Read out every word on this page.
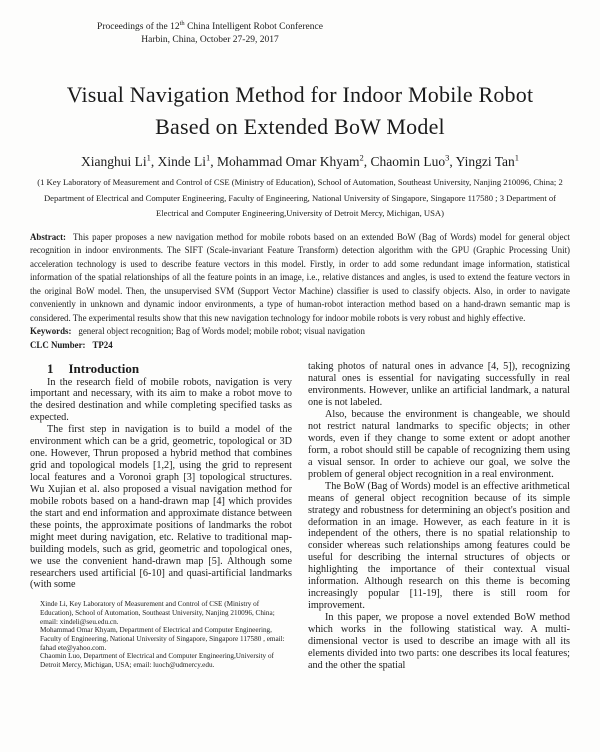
Proceedings of the 12th China Intelligent Robot Conference
Harbin, China, October 27-29, 2017
Visual Navigation Method for Indoor Mobile Robot
Based on Extended BoW Model
Xianghui Li$^1$, Xinde Li$^1$, Mohammad Omar Khyam$^2$, Chaomin Luo$^3$, Yingzi Tan$^1$
(1 Key Laboratory of Measurement and Control of CSE (Ministry of Education), School of Automation, Southeast University, Nanjing 210096, China; 2 Department of Electrical and Computer Engineering, Faculty of Engineering, National University of Singapore, Singapore 117580 ; 3 Department of Electrical and Computer Engineering,University of Detroit Mercy, Michigan, USA)

Abstract: This paper proposes a new navigation method for mobile robots based on an extended BoW (Bag of Words) model for general object recognition in indoor environments. The SIFT (Scale-invariant Feature Transform) detection algorithm with the GPU (Graphic Processing Unit) acceleration technology is used to describe feature vectors in this model. Firstly, in order to add some redundant image information, statistical information of the spatial relationships of all the feature points in an image, i.e., relative distances and angles, is used to extend the feature vectors in the original BoW model. Then, the unsupervised SVM (Support Vector Machine) classifier is used to classify objects. Also, in order to navigate conveniently in unknown and dynamic indoor environments, a type of human-robot interaction method based on a hand-drawn semantic map is considered. The experimental results show that this new navigation technology for indoor mobile robots is very robust and highly effective.

Keywords: general object recognition; Bag of Words model; mobile robot; visual navigation

CLC Number: TP24

1 Introduction

In the research field of mobile robots, navigation is very important and necessary, with its aim to make a robot move to the desired destination and while completing specified tasks as expected.

The first step in navigation is to build a model of the environment which can be a grid, geometric, topological or 3D one. However, Thrun proposed a hybrid method that combines grid and topological models [1,2], using the grid to represent local features and a Voronoi graph [3] topological structures. Wu Xujian et al. also proposed a visual navigation method for mobile robots based on a hand-drawn map [4] which provides the start and end information and approximate distance between these points, the approximate positions of landmarks the robot might meet during navigation, etc. Relative to traditional map-building models, such as grid, geometric and topological ones, we use the convenient hand-drawn map [5]. Although some researchers used artificial [6-10] and quasi-artificial landmarks (with some

Xinde Li, Key Laboratory of Measurement and Control of CSE (Ministry of Education), School of Automation, Southeast University, Nanjing 210096, China; email: xindeli@seu.edu.cn.

Mohammad Omar Khyam, Department of Electrical and Computer Engineering, Faculty of Engineering, National University of Singapore, Singapore 117580 , email: fahad ete@yahoo.com.

Chaomin Luo, Department of Electrical and Computer Engineering,University of Detroit Mercy, Michigan, USA; email: luoch@udmercy.edu.

taking photos of natural ones in advance [4, 5]), recognizing natural ones is essential for navigating successfully in real environments. However, unlike an artificial landmark, a natural one is not labeled.

Also, because the environment is changeable, we should not restrict natural landmarks to specific objects; in other words, even if they change to some extent or adopt another form, a robot should still be capable of recognizing them using a visual sensor. In order to achieve our goal, we solve the problem of general object recognition in a real environment.

The BoW (Bag of Words) model is an effective arithmetical means of general object recognition because of its simple strategy and robustness for determining an object's position and deformation in an image. However, as each feature in it is independent of the others, there is no spatial relationship to consider whereas such relationships among features could be useful for describing the internal structures of objects or highlighting the importance of their contextual visual information. Although research on this theme is becoming increasingly popular [11-19], there is still room for improvement.

In this paper, we propose a novel extended BoW method which works in the following statistical way. A multi-dimensional vector is used to describe an image with all its elements divided into two parts: one describes its local features; and the other the spatial
